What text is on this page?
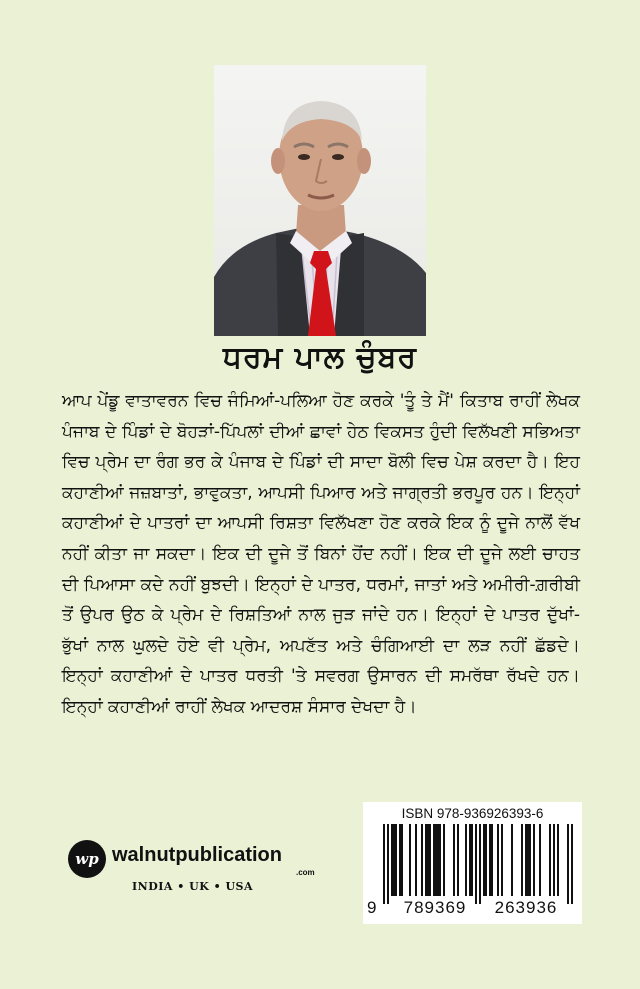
ਧਰਮ ਪਾਲ ਚੁੰਬਰ

ਆਪ ਪੇਂਡੂ ਵਾਤਾਵਰਨ ਵਿਚ ਜੰਮਿਆਂ-ਪਲਿਆ ਹੋਣ ਕਰਕੇ 'ਤੂੰ ਤੇ ਮੈਂ' ਕਿਤਾਬ ਰਾਹੀਂ ਲੇਖਕ ਪੰਜਾਬ ਦੇ ਪਿੰਡਾਂ ਦੇ ਬੋਹੜਾਂ-ਪਿੱਪਲਾਂ ਦੀਆਂ ਛਾਵਾਂ ਹੇਠ ਵਿਕਸਤ ਹੁੰਦੀ ਵਿਲੱਖਣੀ ਸਭਿਅਤਾ ਵਿਚ ਪ੍ਰੇਮ ਦਾ ਰੰਗ ਭਰ ਕੇ ਪੰਜਾਬ ਦੇ ਪਿੰਡਾਂ ਦੀ ਸਾਦਾ ਬੋਲੀ ਵਿਚ ਪੇਸ਼ ਕਰਦਾ ਹੈ। ਇਹ ਕਹਾਣੀਆਂ ਜਜ਼ਬਾਤਾਂ, ਭਾਵੁਕਤਾ, ਆਪਸੀ ਪਿਆਰ ਅਤੇ ਜਾਗ੍ਰਤੀ ਭਰਪੂਰ ਹਨ। ਇਨ੍ਹਾਂ ਕਹਾਣੀਆਂ ਦੇ ਪਾਤਰਾਂ ਦਾ ਆਪਸੀ ਰਿਸ਼ਤਾ ਵਿਲੱਖਣਾ ਹੋਣ ਕਰਕੇ ਇਕ ਨੂੰ ਦੂਜੇ ਨਾਲੋਂ ਵੱਖ ਨਹੀਂ ਕੀਤਾ ਜਾ ਸਕਦਾ। ਇਕ ਦੀ ਦੂਜੇ ਤੋਂ ਬਿਨਾਂ ਹੋਂਦ ਨਹੀਂ। ਇਕ ਦੀ ਦੂਜੇ ਲਈ ਚਾਹਤ ਦੀ ਪਿਆਸਾ ਕਦੇ ਨਹੀਂ ਬੁਝਦੀ। ਇਨ੍ਹਾਂ ਦੇ ਪਾਤਰ, ਧਰਮਾਂ, ਜਾਤਾਂ ਅਤੇ ਅਮੀਰੀ-ਗ਼ਰੀਬੀ ਤੋਂ ਉਪਰ ਉਠ ਕੇ ਪ੍ਰੇਮ ਦੇ ਰਿਸ਼ਤਿਆਂ ਨਾਲ ਜੁੜ ਜਾਂਦੇ ਹਨ। ਇਨ੍ਹਾਂ ਦੇ ਪਾਤਰ ਦੁੱਖਾਂ-ਭੁੱਖਾਂ ਨਾਲ ਘੁਲਦੇ ਹੋਏ ਵੀ ਪ੍ਰੇਮ, ਅਪਣੱਤ ਅਤੇ ਚੰਗਿਆਈ ਦਾ ਲੜ ਨਹੀਂ ਛੱਡਦੇ। ਇਨ੍ਹਾਂ ਕਹਾਣੀਆਂ ਦੇ ਪਾਤਰ ਧਰਤੀ 'ਤੇ ਸਵਰਗ ਉਸਾਰਨ ਦੀ ਸਮਰੱਥਾ ਰੱਖਦੇ ਹਨ। ਇਨ੍ਹਾਂ ਕਹਾਣੀਆਂ ਰਾਹੀਂ ਲੇਖਕ ਆਦਰਸ਼ ਸੰਸਾਰ ਦੇਖਦਾ ਹੈ।

wp walnutpublication
.com
INDIA • UK • USA
ISBN 978-936926393-6
9	789369	263936
